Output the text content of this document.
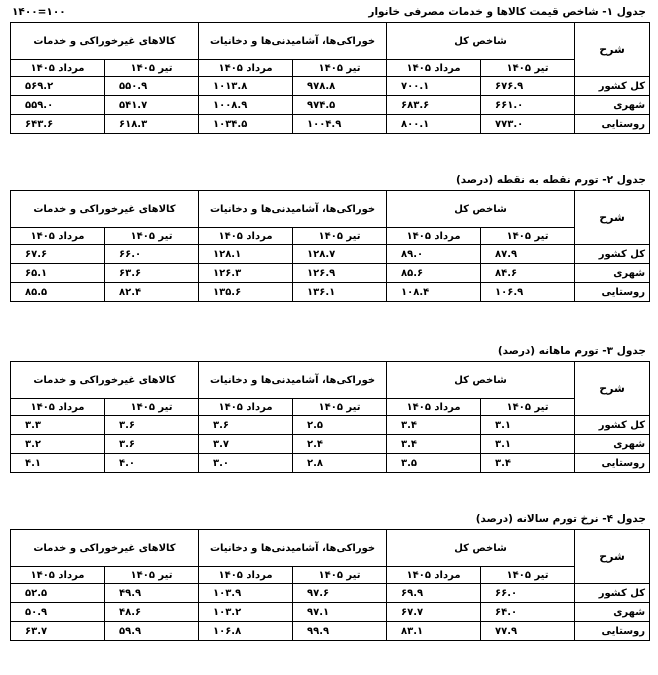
جدول ۱- شاخص قیمت کالاها و خدمات مصرفی خانوار
۱۴۰۰=۱۰۰
شرح	شاخص کل		خوراکی‌ها، آشامیدنی‌ها و دخانیات		کالاهای غیرخوراکی و خدمات	
	تیر ۱۴۰۵	مرداد ۱۴۰۵	تیر ۱۴۰۵	مرداد ۱۴۰۵	تیر ۱۴۰۵	مرداد ۱۴۰۵
کل کشور	۶۷۶.۹	۷۰۰.۱	۹۷۸.۸	۱۰۱۳.۸	۵۵۰.۹	۵۶۹.۲
شهری	۶۶۱.۰	۶۸۳.۶	۹۷۴.۵	۱۰۰۸.۹	۵۴۱.۷	۵۵۹.۰
روستایی	۷۷۳.۰	۸۰۰.۱	۱۰۰۴.۹	۱۰۳۴.۵	۶۱۸.۳	۶۴۳.۶
جدول ۲- تورم نقطه به نقطه (درصد)
شرح	شاخص کل		خوراکی‌ها، آشامیدنی‌ها و دخانیات		کالاهای غیرخوراکی و خدمات	
	تیر ۱۴۰۵	مرداد ۱۴۰۵	تیر ۱۴۰۵	مرداد ۱۴۰۵	تیر ۱۴۰۵	مرداد ۱۴۰۵
کل کشور	۸۷.۹	۸۹.۰	۱۲۸.۷	۱۲۸.۱	۶۶.۰	۶۷.۶
شهری	۸۴.۶	۸۵.۶	۱۲۶.۹	۱۲۶.۳	۶۳.۶	۶۵.۱
روستایی	۱۰۶.۹	۱۰۸.۴	۱۳۶.۱	۱۳۵.۶	۸۲.۴	۸۵.۵
جدول ۳- تورم ماهانه (درصد)
شرح	شاخص کل		خوراکی‌ها، آشامیدنی‌ها و دخانیات		کالاهای غیرخوراکی و خدمات	
	تیر ۱۴۰۵	مرداد ۱۴۰۵	تیر ۱۴۰۵	مرداد ۱۴۰۵	تیر ۱۴۰۵	مرداد ۱۴۰۵
کل کشور	۳.۱	۳.۴	۲.۵	۳.۶	۳.۶	۳.۳
شهری	۳.۱	۳.۴	۲.۴	۳.۷	۳.۶	۳.۲
روستایی	۳.۴	۳.۵	۲.۸	۳.۰	۴.۰	۴.۱
جدول ۴- نرخ تورم سالانه (درصد)
شرح	شاخص کل		خوراکی‌ها، آشامیدنی‌ها و دخانیات		کالاهای غیرخوراکی و خدمات	
	تیر ۱۴۰۵	مرداد ۱۴۰۵	تیر ۱۴۰۵	مرداد ۱۴۰۵	تیر ۱۴۰۵	مرداد ۱۴۰۵
کل کشور	۶۶.۰	۶۹.۹	۹۷.۶	۱۰۳.۹	۴۹.۹	۵۲.۵
شهری	۶۴.۰	۶۷.۷	۹۷.۱	۱۰۳.۲	۴۸.۶	۵۰.۹
روستایی	۷۷.۹	۸۳.۱	۹۹.۹	۱۰۶.۸	۵۹.۹	۶۳.۷
